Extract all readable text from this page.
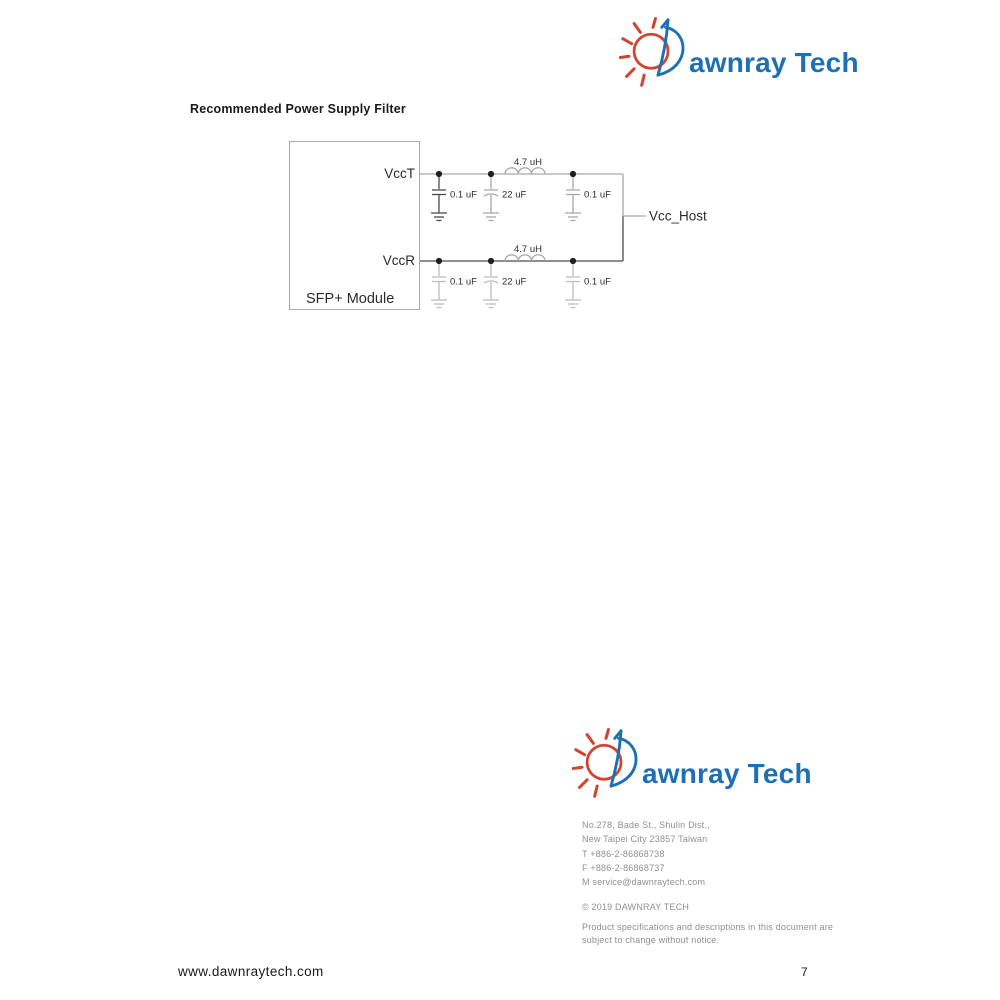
Recommended Power Supply Filter
awnray Tech
SFP+ Module
VccT
VccR
4.7 uH
0.1 uF	22 uF	0.1 uF
4.7 uH
0.1 uF	22 uF	0.1 uF
Vcc_Host
awnray Tech
No.278, Bade St., Shulin Dist.,
New Taipei City 23857 Taiwan
T +886-2-86868738
F +886-2-86868737
M service@dawnraytech.com
© 2019 DAWNRAY TECH
Product specifications and descriptions in this document are
subject to change without notice.
www.dawnraytech.com	7
